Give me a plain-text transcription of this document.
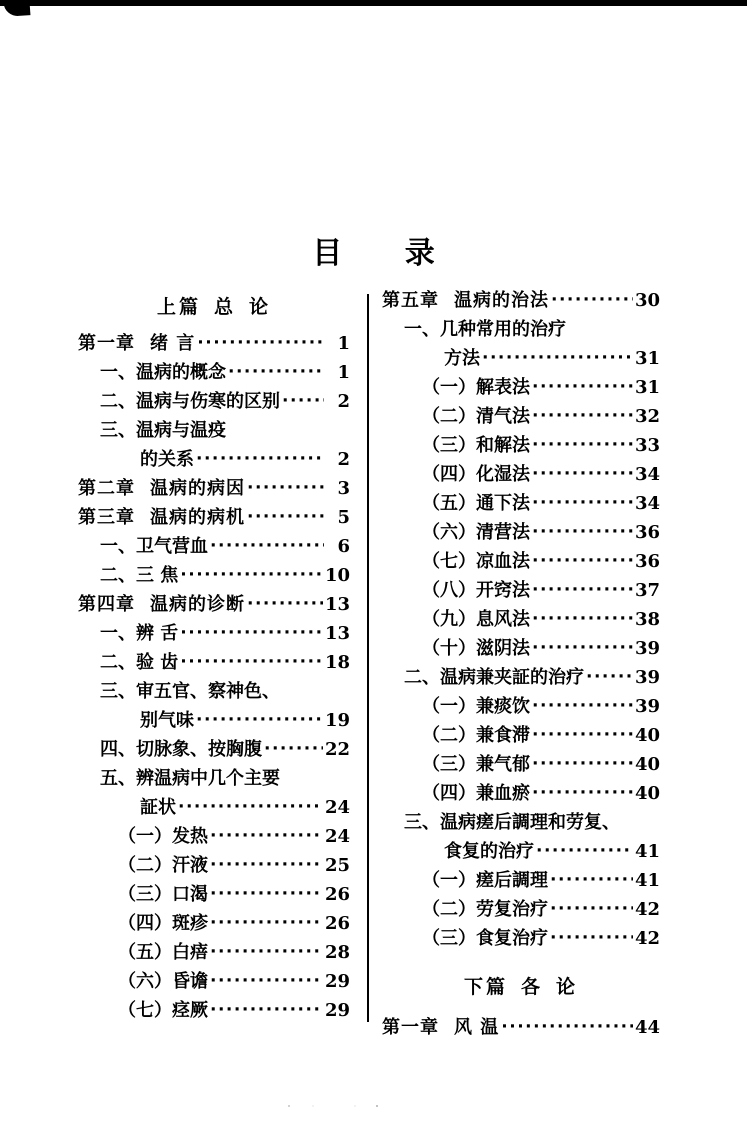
目 录
上篇 总 论
第一章 绪 言 ·····	1
一、温病的概念 ·····	1
二、温病与伤寒的区别 ·····	2
三、温病与温疫
的关系 ·····	2
第二章 温病的病因 ·····	3
第三章 温病的病机 ·····	5
一、卫气营血 ·····	6
二、三 焦 ·····	10
第四章 温病的诊断 ·····	13
一、辨 舌 ·····	13
二、验 齿 ·····	18
三、审五官、察神色、
别气味 ·····	19
四、切脉象、按胸腹 ·····	22
五、辨温病中几个主要
証状 ·····	24
（一）发热 ·····	24
（二）汗液 ·····	25
（三）口渴 ·····	26
（四）斑疹 ·····	26
（五）白㾦 ·····	28
（六）昏谵 ·····	29
（七）痉厥 ·····	29
第五章 温病的治法 ·····	30
一、几种常用的治疗
方法 ·····	31
（一）解表法 ·····	31
（二）清气法 ·····	32
（三）和解法 ·····	33
（四）化湿法 ·····	34
（五）通下法 ·····	34
（六）清营法 ·····	36
（七）凉血法 ·····	36
（八）开窍法 ·····	37
（九）息风法 ·····	38
（十）滋阴法 ·····	39
二、温病兼夹証的治疗 ·····	39
（一）兼痰饮 ·····	39
（二）兼食滞 ·····	40
（三）兼气郁 ·····	40
（四）兼血瘀 ·····	40
三、温病瘥后調理和劳复、
食复的治疗 ·····	41
（一）瘥后調理 ·····	41
（二）劳复治疗 ·····	42
（三）食复治疗 ·····	42
下篇 各 论
第一章 风 温 ·····	44
